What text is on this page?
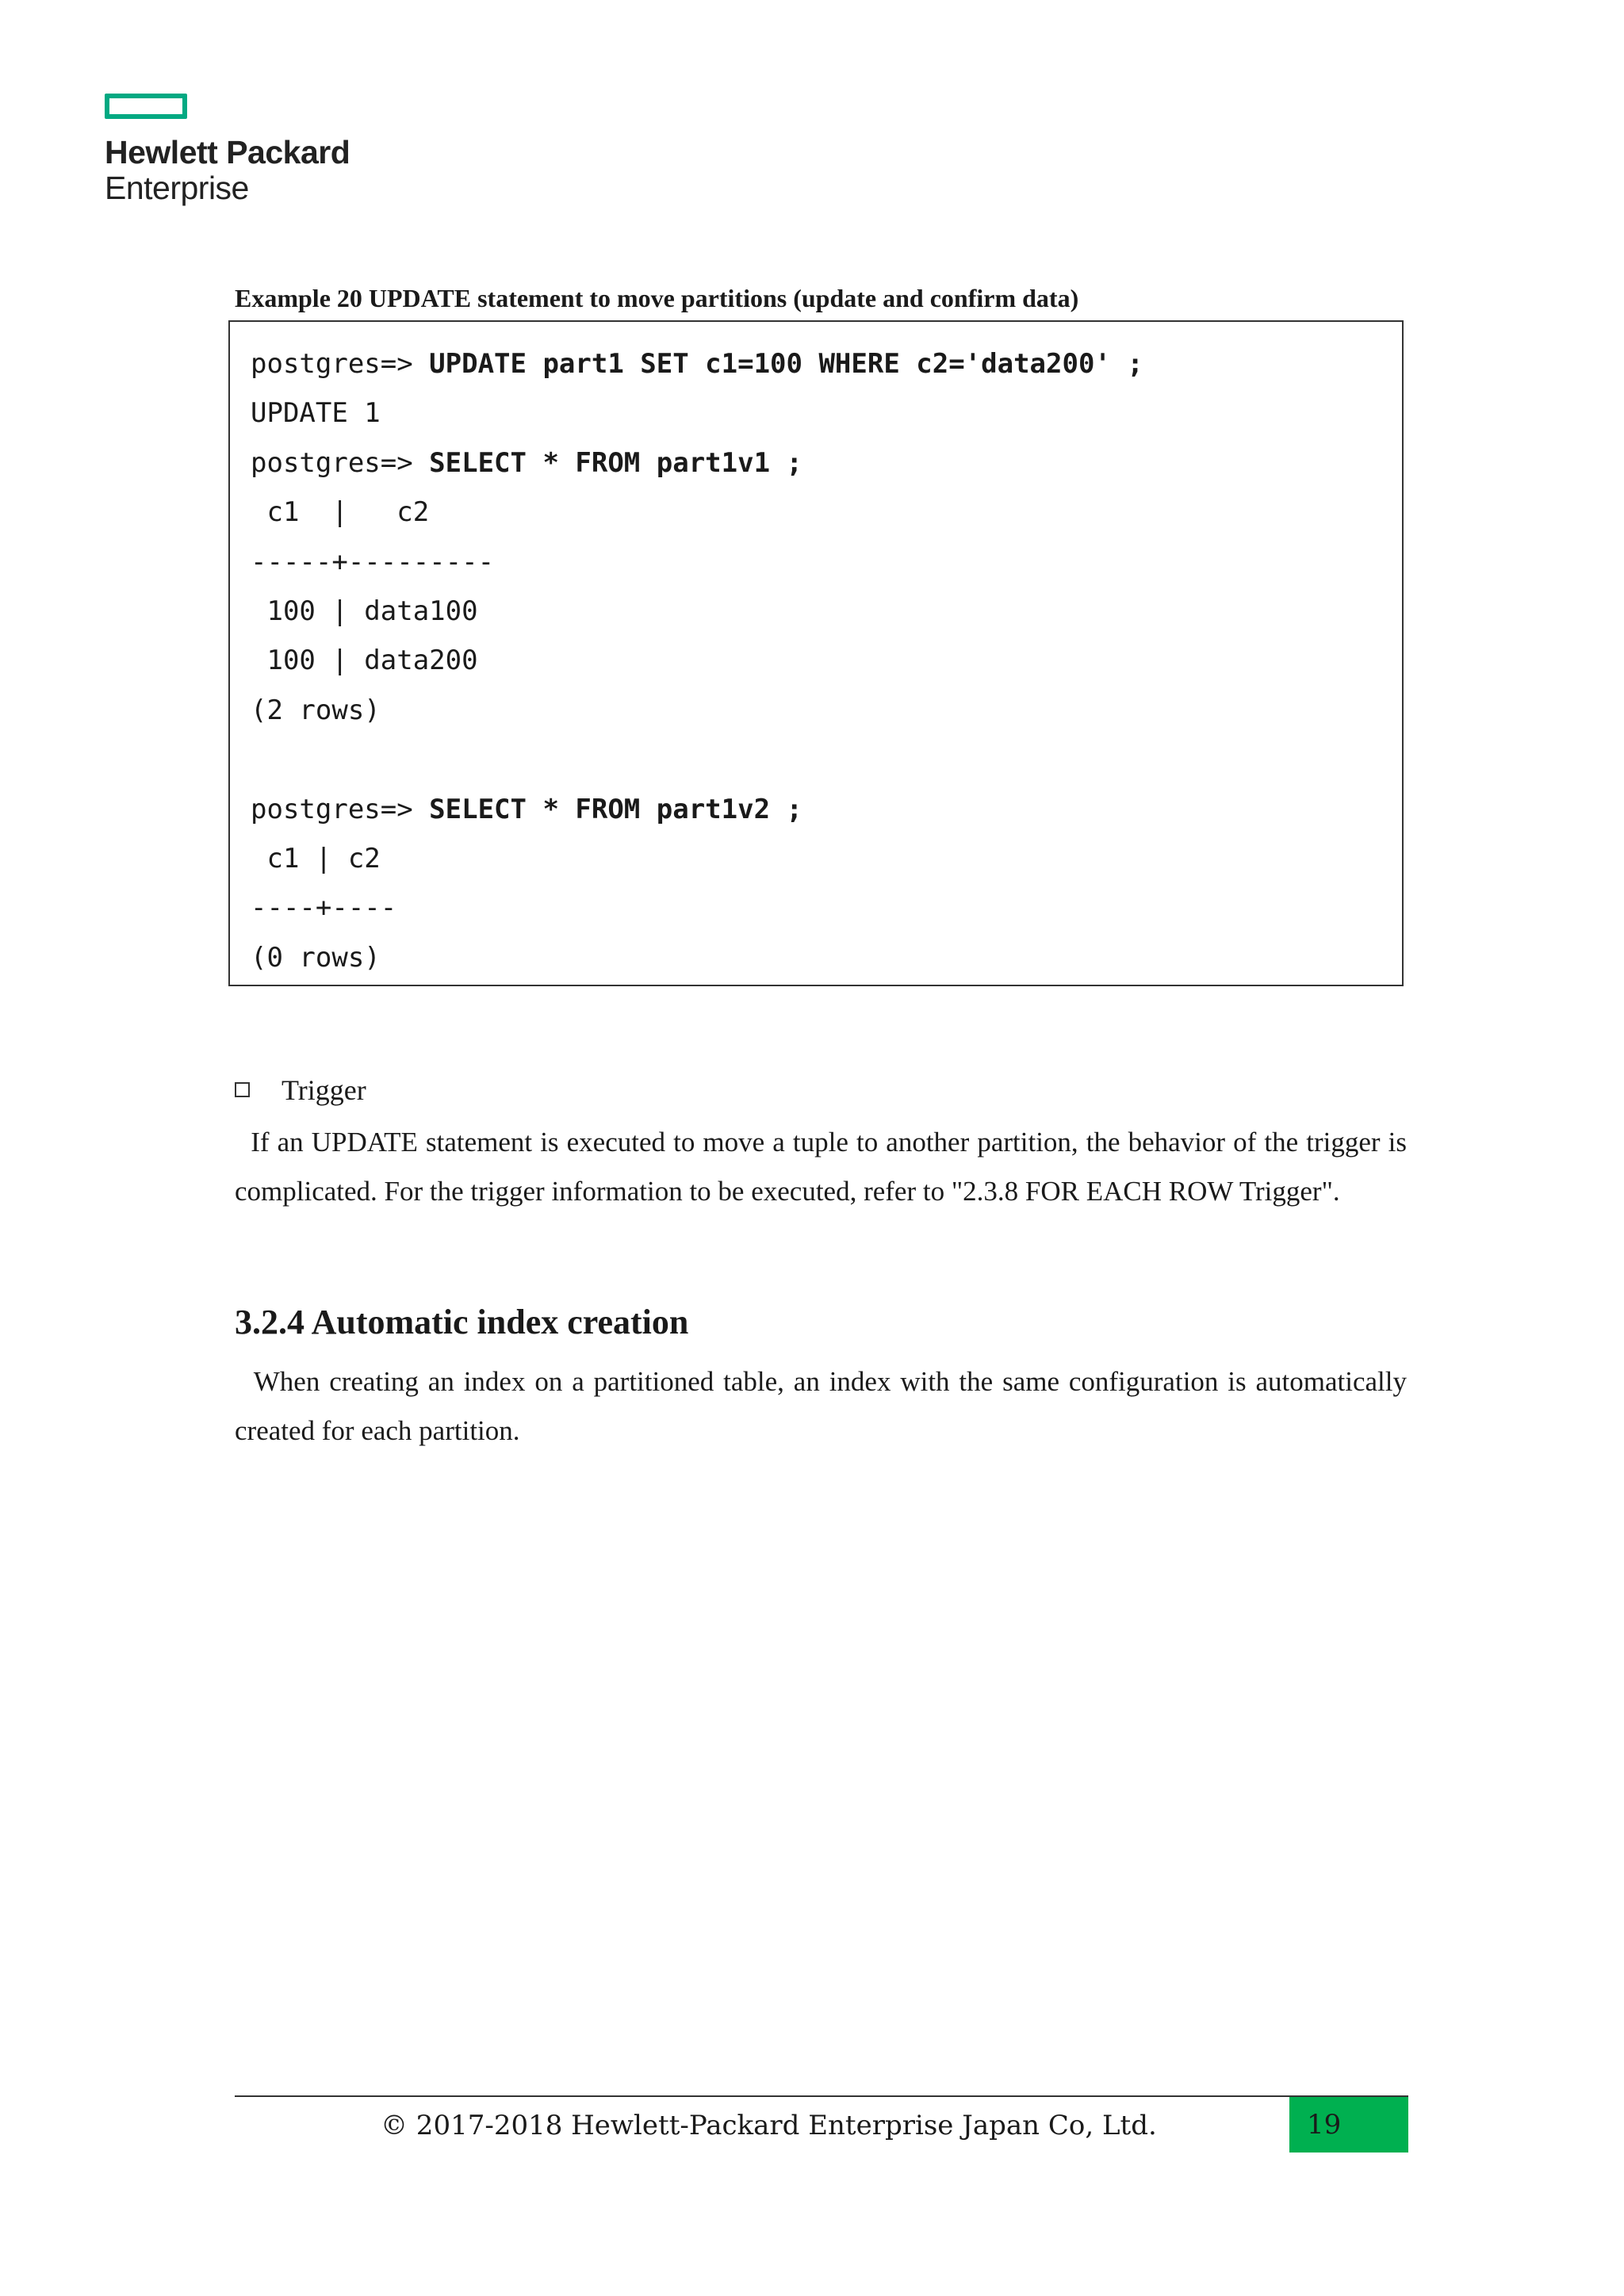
Hewlett Packard
Enterprise
Example 20 UPDATE statement to move partitions (update and confirm data)
postgres=> UPDATE part1 SET c1=100 WHERE c2='data200' ;
UPDATE 1
postgres=> SELECT * FROM part1v1 ;
c1  |   c2
-----+---------
100 | data100
100 | data200
(2 rows)
postgres=> SELECT * FROM part1v2 ;
c1 | c2
----+----
(0 rows)
Trigger
If an UPDATE statement is executed to move a tuple to another partition, the behavior of the trigger is complicated. For the trigger information to be executed, refer to "2.3.8 FOR EACH ROW Trigger".
3.2.4 Automatic index creation
When creating an index on a partitioned table, an index with the same configuration is automatically created for each partition.
© 2017-2018 Hewlett-Packard Enterprise Japan Co, Ltd.	19
